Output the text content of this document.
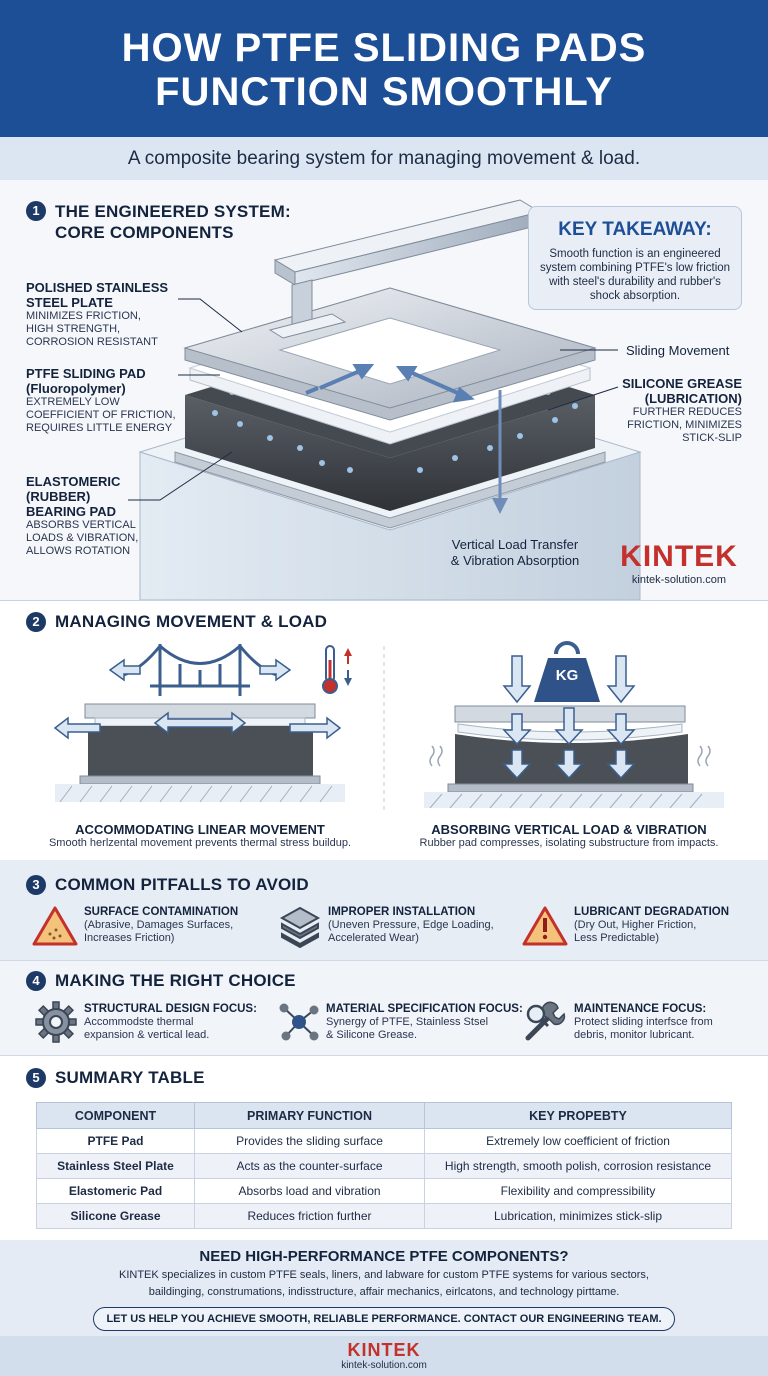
HOW PTFE SLIDING PADS
FUNCTION SMOOTHLY
A composite bearing system for managing movement & load.
1 THE ENGINEERED SYSTEM:
CORE COMPONENTS
POLISHED STAINLESS
STEEL PLATE
MINIMIZES FRICTION,
HIGH STRENGTH,
CORROSION RESISTANT
PTFE SLIDING PAD
(Fluoropolymer)
EXTREMELY LOW
COEFFICIENT OF FRICTION,
REQUIRES LITTLE ENERGY
ELASTOMERIC
(RUBBER)
BEARING PAD
ABSORBS VERTICAL
LOADS & VIBRATION,
ALLOWS ROTATION
Sliding Movement
SILICONE GREASE
(LUBRICATION)
FURTHER REDUCES
FRICTION, MINIMIZES
STICK-SLIP
Vertical Load Transfer
& Vibration Absorption
KEY TAKEAWAY:
Smooth function is an engineered system combining PTFE's low friction with steel's durability and rubber's shock absorption.
KINTEK
kintek-solution.com
2 MANAGING MOVEMENT & LOAD
KG
ACCOMMODATING LINEAR MOVEMENT
Smooth herlzental movement prevents thermal stress buildup.
ABSORBING VERTICAL LOAD & VIBRATION
Rubber pad compresses, isolating substructure from impacts.
3 COMMON PITFALLS TO AVOID
SURFACE CONTAMINATION
(Abrasive, Damages Surfaces,
Increases Friction)
IMPROPER INSTALLATION
(Uneven Pressure, Edge Loading,
Accelerated Wear)
LUBRICANT DEGRADATION
(Dry Out, Higher Friction,
Less Predictable)
4 MAKING THE RIGHT CHOICE
STRUCTURAL DESIGN FOCUS:
Accommodste thermal
expansion & vertical lead.
MATERIAL SPECIFICATION FOCUS:
Synergy of PTFE, Stainless Stsel
& Silicone Grease.
MAINTENANCE FOCUS:
Protect sliding interfsce from
debris, monitor lubricant.
5 SUMMARY TABLE
COMPONENT	PRIMARY FUNCTION	KEY PROPEBTY
PTFE Pad	Provides the sliding surface	Extremely low coefficient of friction
Stainless Steel Plate	Acts as the counter-surface	High strength, smooth polish, corrosion resistance
Elastomeric Pad	Absorbs load and vibration	Flexibility and compressibility
Silicone Grease	Reduces friction further	Lubrication, minimizes stick-slip
NEED HIGH-PERFORMANCE PTFE COMPONENTS?
KINTEK specializes in custom PTFE seals, liners, and labware for custom PTFE systems for various sectors,
baildinging, construmations, indisstructure, affair mechanics, eirlcatons, and technology pirttame.
LET US HELP YOU ACHIEVE SMOOTH, RELIABLE PERFORMANCE. CONTACT OUR ENGINEERING TEAM.
KINTEK
kintek-solution.com
